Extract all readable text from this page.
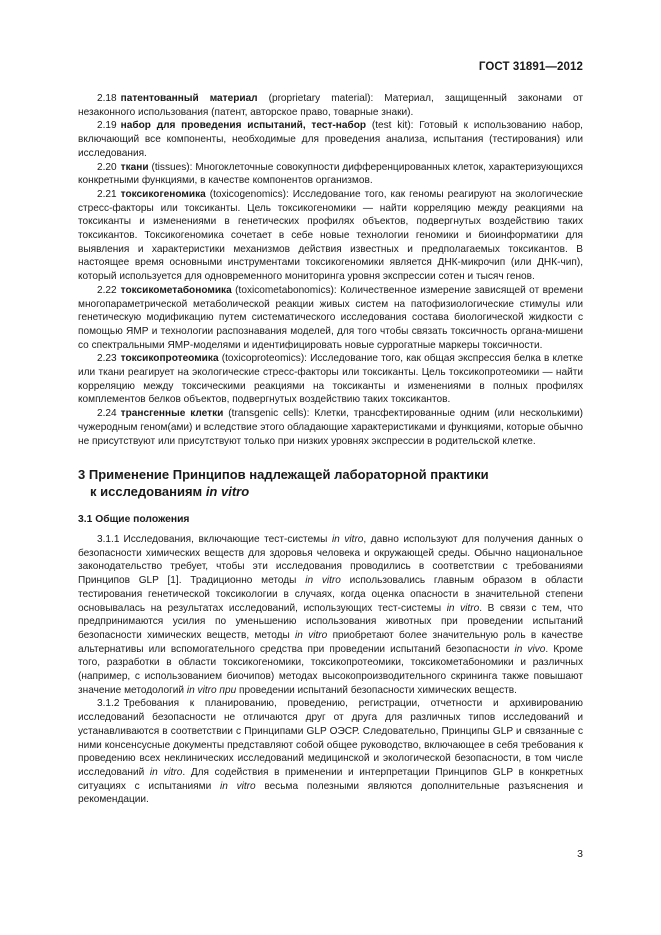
ГОСТ 31891—2012

2.18 патентованный материал (proprietary material): Материал, защищенный законами от незаконного использования (патент, авторское право, товарные знаки).

2.19 набор для проведения испытаний, тест-набор (test kit): Готовый к использованию набор, включающий все компоненты, необходимые для проведения анализа, испытания (тестирования) или исследования.

2.20 ткани (tissues): Многоклеточные совокупности дифференцированных клеток, характеризующихся конкретными функциями, в качестве компонентов организмов.

2.21 токсикогеномика (toxicogenomics): Исследование того, как геномы реагируют на экологические стресс-факторы или токсиканты. Цель токсикогеномики — найти корреляцию между реакциями на токсиканты и изменениями в генетических профилях объектов, подвергнутых воздействию таких токсикантов. Токсикогеномика сочетает в себе новые технологии геномики и биоинформатики для выявления и характеристики механизмов действия известных и предполагаемых токсикантов. В настоящее время основными инструментами токсикогеномики является ДНК-микрочип (или ДНК-чип), который используется для одновременного мониторинга уровня экспрессии сотен и тысяч генов.

2.22 токсикометабономика (toxicometabonomics): Количественное измерение зависящей от времени многопараметрической метаболической реакции живых систем на патофизиологические стимулы или генетическую модификацию путем систематического исследования состава биологической жидкости с помощью ЯМР и технологии распознавания моделей, для того чтобы связать токсичность органа-мишени со спектральными ЯМР-моделями и идентифицировать новые суррогатные маркеры токсичности.

2.23 токсикопротеомика (toxicoproteomics): Исследование того, как общая экспрессия белка в клетке или ткани реагирует на экологические стресс-факторы или токсиканты. Цель токсикопротеомики — найти корреляцию между токсическими реакциями на токсиканты и изменениями в полных профилях комплементов белков объектов, подвергнутых воздействию таких токсикантов.

2.24 трансгенные клетки (transgenic cells): Клетки, трансфектированные одним (или несколькими) чужеродным геном(ами) и вследствие этого обладающие характеристиками и функциями, которые обычно не присутствуют или присутствуют только при низких уровнях экспрессии в родительской клетке.

3 Применение Принципов надлежащей лабораторной практики
к исследованиям in vitro
3.1 Общие положения

3.1.1 Исследования, включающие тест-системы in vitro, давно используют для получения данных о безопасности химических веществ для здоровья человека и окружающей среды. Обычно национальное законодательство требует, чтобы эти исследования проводились в соответствии с требованиями Принципов GLP [1]. Традиционно методы in vitro использовались главным образом в области тестирования генетической токсикологии в случаях, когда оценка опасности в значительной степени основывалась на результатах исследований, использующих тест-системы in vitro. В связи с тем, что предпринимаются усилия по уменьшению использования животных при проведении испытаний безопасности химических веществ, методы in vitro приобретают более значительную роль в качестве альтернативы или вспомогательного средства при проведении испытаний безопасности in vivo. Кроме того, разработки в области токсикогеномики, токсикопротеомики, токсикометабономики и различных (например, с использованием биочипов) методах высокопроизводительного скрининга также повышают значение методологий in vitro при проведении испытаний безопасности химических веществ.

3.1.2 Требования к планированию, проведению, регистрации, отчетности и архивированию исследований безопасности не отличаются друг от друга для различных типов исследований и устанавливаются в соответствии с Принципами GLP ОЭСР. Следовательно, Принципы GLP и связанные с ними консенсусные документы представляют собой общее руководство, включающее в себя требования к проведению всех неклинических исследований медицинской и экологической безопасности, в том числе исследований in vitro. Для содействия в применении и интерпретации Принципов GLP в конкретных ситуациях с испытаниями in vitro весьма полезными являются дополнительные разъяснения и рекомендации.

3
